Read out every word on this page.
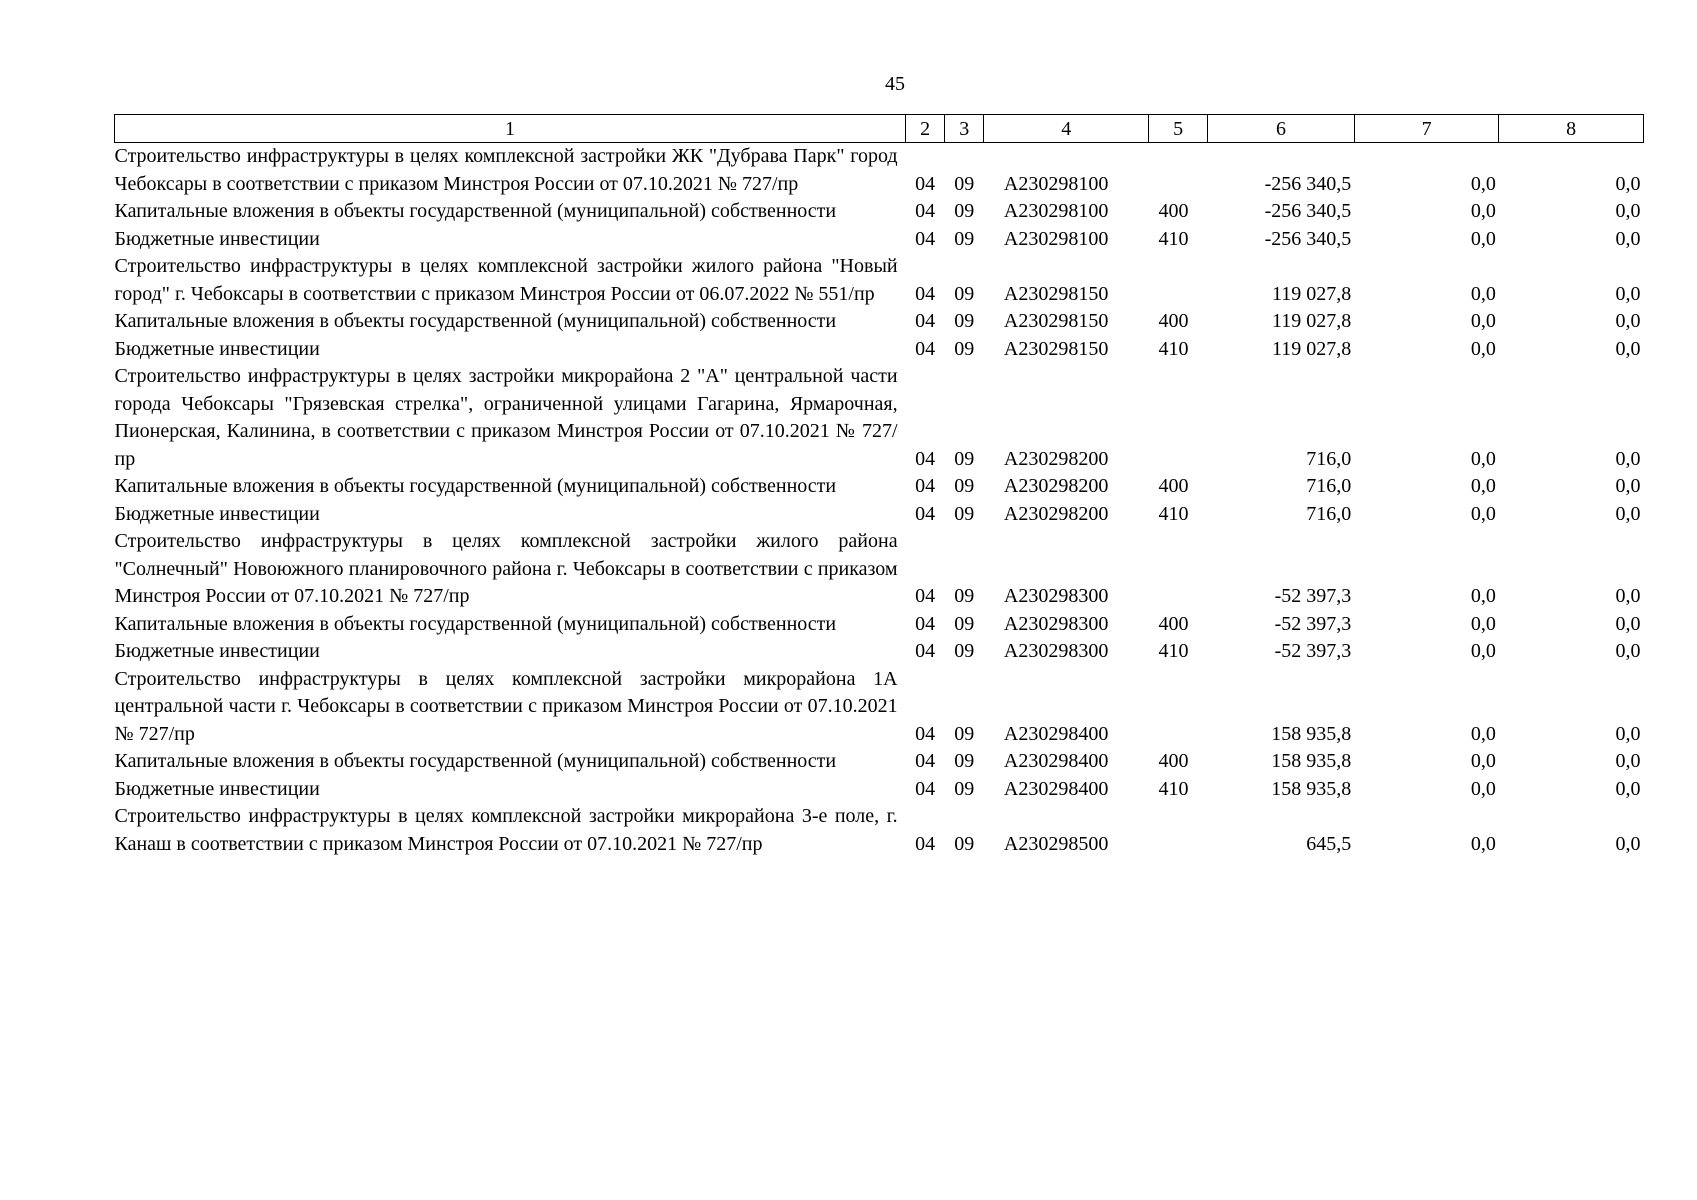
45
1	2	3	4	5	6	7	8
Строительство инфраструктуры в целях комплексной застройки ЖК "Дубрава Парк" город Чебоксары в соответствии с приказом Минстроя России от 07.10.2021 № 727/пр	04	09	A230298100		-256 340,5	0,0	0,0
Капитальные вложения в объекты государственной (муниципальной) собственности	04	09	A230298100	400	-256 340,5	0,0	0,0
Бюджетные инвестиции	04	09	A230298100	410	-256 340,5	0,0	0,0
Строительство инфраструктуры в целях комплексной застройки жилого района "Новый город" г. Чебоксары в соответствии с приказом Минстроя России от 06.07.2022 № 551/пр	04	09	A230298150		119 027,8	0,0	0,0
Капитальные вложения в объекты государственной (муниципальной) собственности	04	09	A230298150	400	119 027,8	0,0	0,0
Бюджетные инвестиции	04	09	A230298150	410	119 027,8	0,0	0,0
Строительство инфраструктуры в целях застройки микрорайона 2 "А" центральной части города Чебоксары "Грязевская стрелка", ограниченной улицами Гагарина, Ярмарочная, Пионерская, Калинина, в соответствии с приказом Минстроя России от 07.10.2021 № 727/пр	04	09	A230298200		716,0	0,0	0,0
Капитальные вложения в объекты государственной (муниципальной) собственности	04	09	A230298200	400	716,0	0,0	0,0
Бюджетные инвестиции	04	09	A230298200	410	716,0	0,0	0,0
Строительство инфраструктуры в целях комплексной застройки жилого района "Солнечный" Новоюжного планировочного района г. Чебоксары в соответствии с приказом Минстроя России от 07.10.2021 № 727/пр	04	09	A230298300		-52 397,3	0,0	0,0
Капитальные вложения в объекты государственной (муниципальной) собственности	04	09	A230298300	400	-52 397,3	0,0	0,0
Бюджетные инвестиции	04	09	A230298300	410	-52 397,3	0,0	0,0
Строительство инфраструктуры в целях комплексной застройки микрорайона 1А центральной части г. Чебоксары в соответствии с приказом Минстроя России от 07.10.2021 № 727/пр	04	09	A230298400		158 935,8	0,0	0,0
Капитальные вложения в объекты государственной (муниципальной) собственности	04	09	A230298400	400	158 935,8	0,0	0,0
Бюджетные инвестиции	04	09	A230298400	410	158 935,8	0,0	0,0
Строительство инфраструктуры в целях комплексной застройки микрорайона 3-е поле, г. Канаш в соответствии с приказом Минстроя России от 07.10.2021 № 727/пр	04	09	A230298500		645,5	0,0	0,0
